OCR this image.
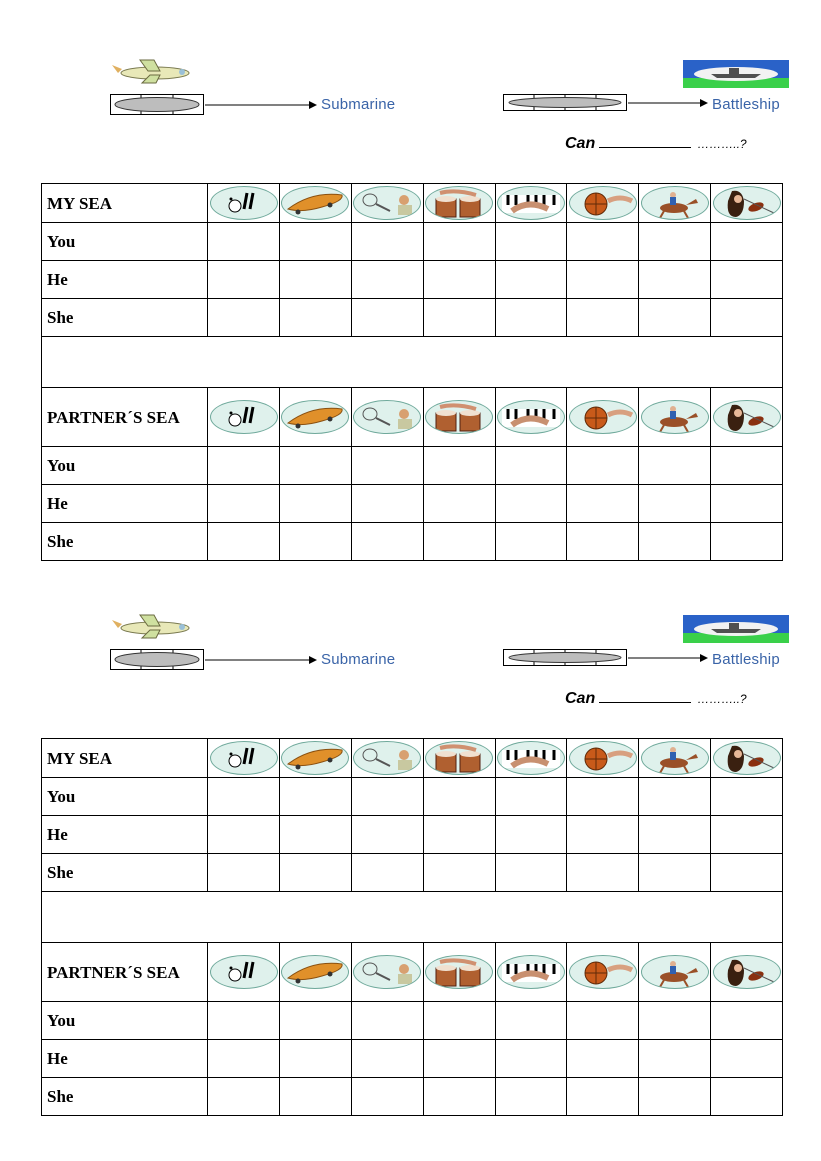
Submarine	Battleship
Can	………..?
MY SEA	

You								
He								
She								

PARTNER´S SEA	

You								
He								
She								
Submarine	Battleship
Can	………..?
MY SEA	

You								
He								
She								

PARTNER´S SEA	

You								
He								
She								
